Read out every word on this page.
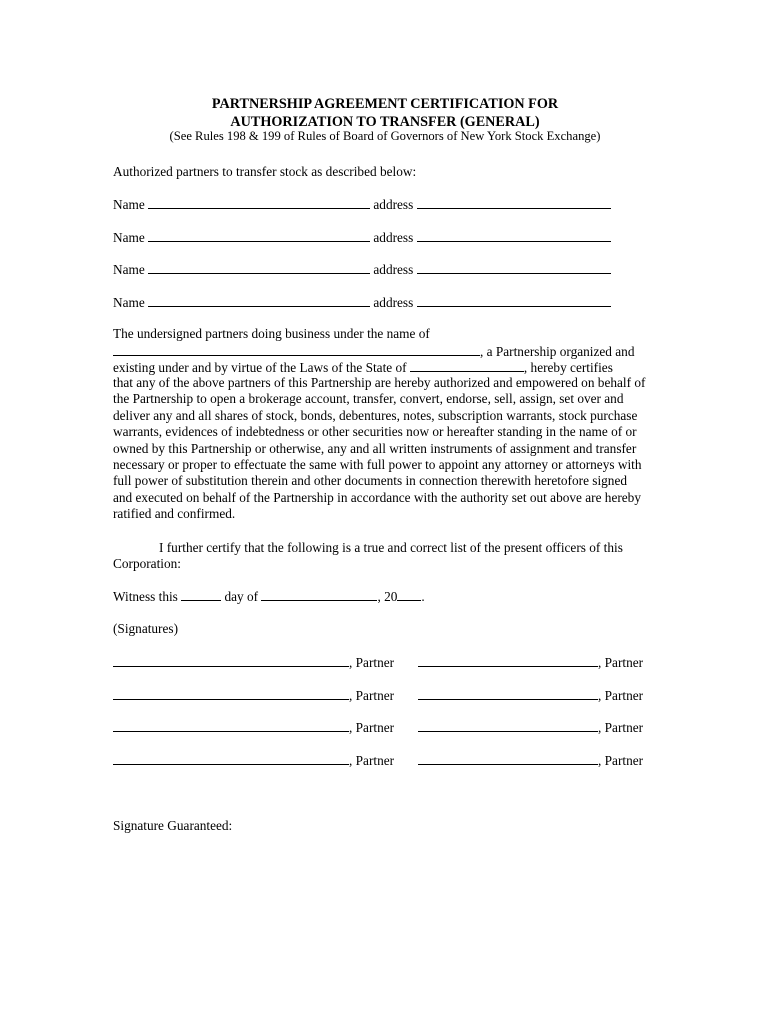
PARTNERSHIP AGREEMENT CERTIFICATION FOR
AUTHORIZATION TO TRANSFER (GENERAL)
(See Rules 198 & 199 of Rules of Board of Governors of New York Stock Exchange)
Authorized partners to transfer stock as described below:
Name	address
Name	address
Name	address
Name	address
The undersigned partners doing business under the name of
, a Partnership organized and
existing under and by virtue of the Laws of the State of	, hereby certifies
that any of the above partners of this Partnership are hereby authorized and empowered on behalf of
the Partnership to open a brokerage account, transfer, convert, endorse, sell, assign, set over and
deliver any and all shares of stock, bonds, debentures, notes, subscription warrants, stock purchase
warrants, evidences of indebtedness or other securities now or hereafter standing in the name of or
owned by this Partnership or otherwise, any and all written instruments of assignment and transfer
necessary or proper to effectuate the same with full power to appoint any attorney or attorneys with
full power of substitution therein and other documents in connection therewith heretofore signed
and executed on behalf of the Partnership in accordance with the authority set out above are hereby
ratified and confirmed.
I further certify that the following is a true and correct list of the present officers of this
Corporation:
Witness this	day of	, 20 .
(Signatures)
, Partner	, Partner
, Partner	, Partner
, Partner	, Partner
, Partner	, Partner
Signature Guaranteed:
